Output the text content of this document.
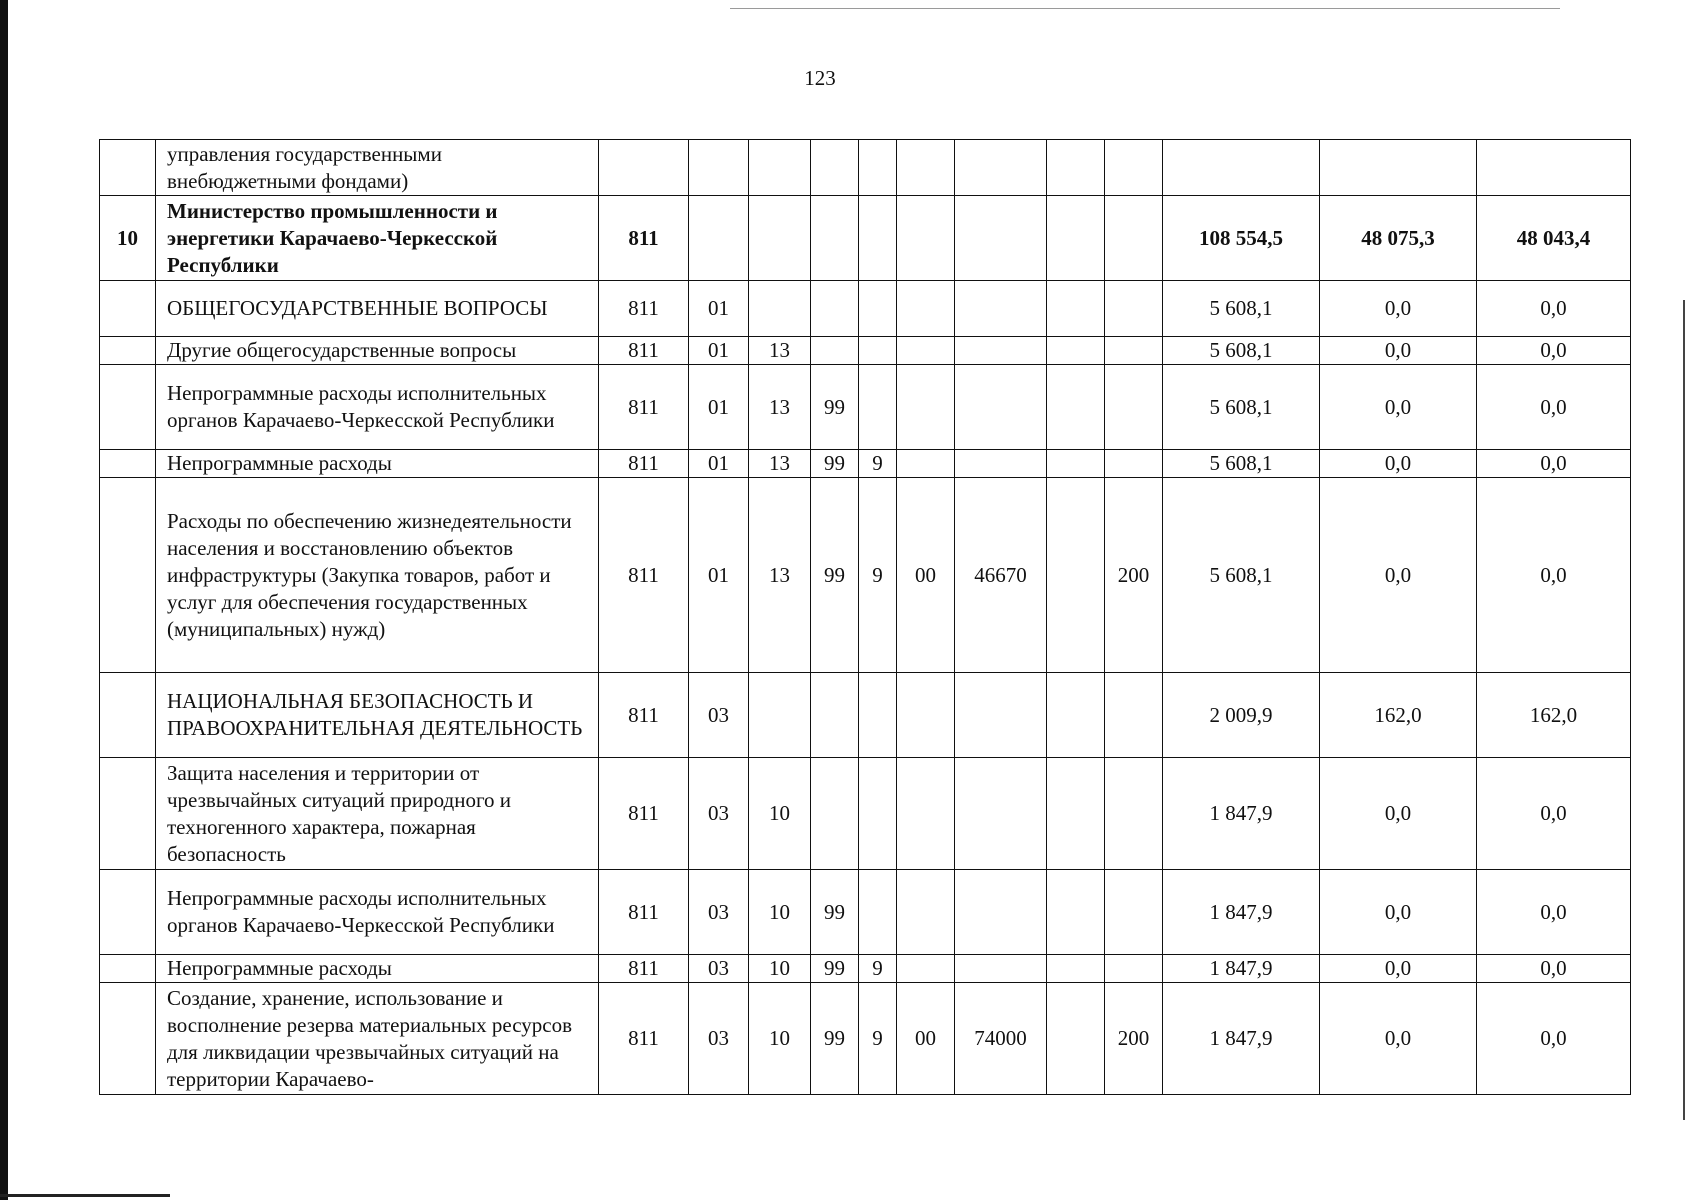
123
	управления государственными внебюджетными фондами)												
10	Министерство промышленности и энергетики Карачаево-Черкесской Республики	811									108 554,5	48 075,3	48 043,4
	ОБЩЕГОСУДАРСТВЕННЫЕ ВОПРОСЫ	811	01								5 608,1	0,0	0,0
	Другие общегосударственные вопросы	811	01	13							5 608,1	0,0	0,0
	Непрограммные расходы исполнительных органов Карачаево-Черкесской Республики	811	01	13	99						5 608,1	0,0	0,0
	Непрограммные расходы	811	01	13	99	9					5 608,1	0,0	0,0
	Расходы по обеспечению жизнедеятельности населения и восстановлению объектов инфраструктуры (Закупка товаров, работ и услуг для обеспечения государственных (муниципальных) нужд)	811	01	13	99	9	00	46670		200	5 608,1	0,0	0,0
	НАЦИОНАЛЬНАЯ БЕЗОПАСНОСТЬ И ПРАВООХРАНИТЕЛЬНАЯ ДЕЯТЕЛЬНОСТЬ	811	03								2 009,9	162,0	162,0
	Защита населения и территории от чрезвычайных ситуаций природного и техногенного характера, пожарная безопасность	811	03	10							1 847,9	0,0	0,0
	Непрограммные расходы исполнительных органов Карачаево-Черкесской Республики	811	03	10	99						1 847,9	0,0	0,0
	Непрограммные расходы	811	03	10	99	9					1 847,9	0,0	0,0
	Создание, хранение, использование и восполнение резерва материальных ресурсов для ликвидации чрезвычайных ситуаций на территории Карачаево-	811	03	10	99	9	00	74000		200	1 847,9	0,0	0,0
